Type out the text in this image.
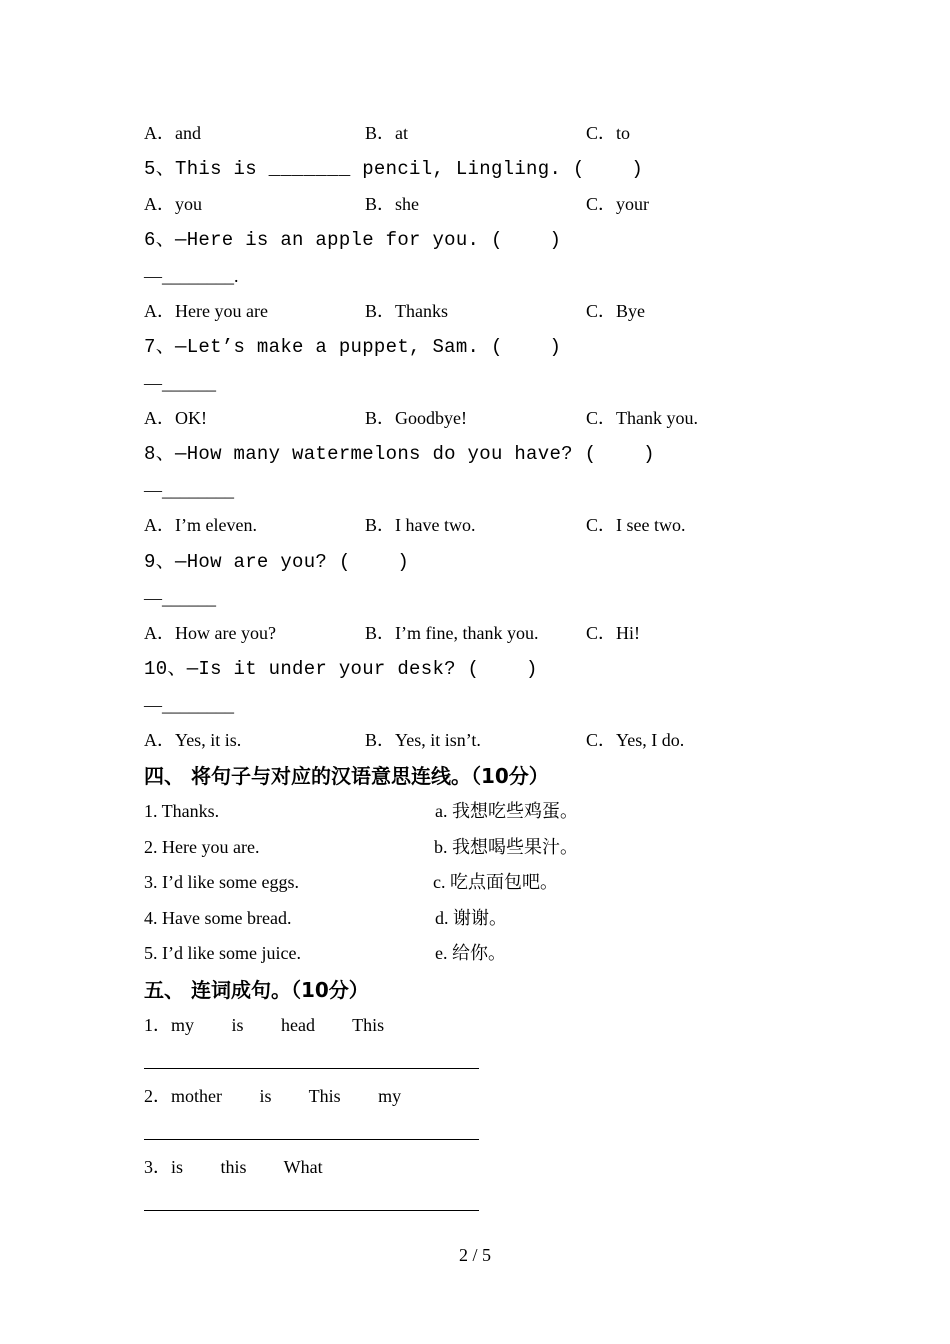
A．and	B．at	C．to
5、This is _______ pencil, Lingling. (    )
A．you	B．she	C．your
6、—Here is an apple for you. (    )
—________.
A．Here you are	B．Thanks	C．Bye
7、—Let’s make a puppet, Sam. (    )
—______
A．OK!	B．Goodbye!	C．Thank you.
8、—How many watermelons do you have? (    )
—________
A．I’m eleven.	B．I have two.	C．I see two.
9、—How are you? (    )
—______
A．How are you?	B．I’m fine, thank you.	C．Hi!
10、—Is it under your desk? (    )
—________
A．Yes, it is.	B．Yes, it isn’t.	C．Yes, I do.
四、 将句子与对应的汉语意思连线。（10分）
1. Thanks.	a. 我想吃些鸡蛋。
2. Here you are.	b. 我想喝些果汁。
3. I’d like some eggs.	c. 吃点面包吧。
4. Have some bread.	d. 谢谢。
5. I’d like some juice.	e. 给你。
五、 连词成句。（10分）
1．my   is   head   This
2．mother   is   This   my
3．is   this   What
2 / 5
